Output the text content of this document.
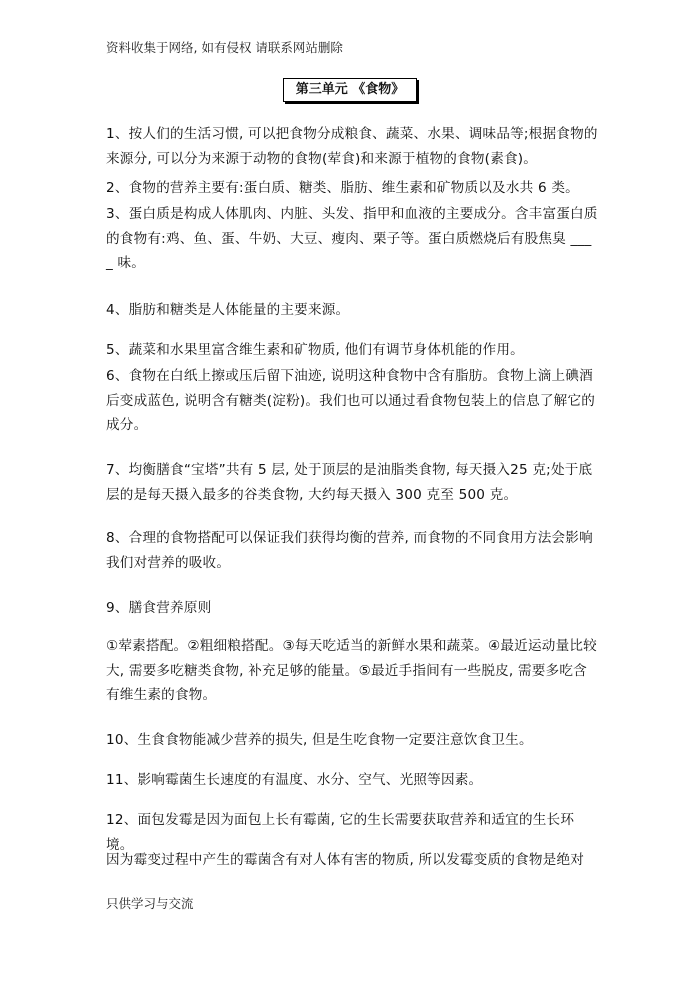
资料收集于网络, 如有侵权 请联系网站删除
第三单元 《食物》
1、按人们的生活习惯, 可以把食物分成粮食、蔬菜、水果、调味品等;根据食物的来源分, 可以分为来源于动物的食物(荤食)和来源于植物的食物(素食)。
2、食物的营养主要有:蛋白质、糖类、脂肪、维生素和矿物质以及水共 6 类。
3、蛋白质是构成人体肌肉、内脏、头发、指甲和血液的主要成分。含丰富蛋白质的食物有:鸡、鱼、蛋、牛奶、大豆、瘦肉、栗子等。蛋白质燃烧后有股焦臭 ____ 味。
4、脂肪和糖类是人体能量的主要来源。
5、蔬菜和水果里富含维生素和矿物质, 他们有调节身体机能的作用。
6、食物在白纸上擦或压后留下油迹, 说明这种食物中含有脂肪。食物上滴上碘酒后变成蓝色, 说明含有糖类(淀粉)。我们也可以通过看食物包装上的信息了解它的成分。
7、均衡膳食“宝塔”共有 5 层, 处于顶层的是油脂类食物, 每天摄入25 克;处于底层的是每天摄入最多的谷类食物, 大约每天摄入 300 克至 500 克。
8、合理的食物搭配可以保证我们获得均衡的营养, 而食物的不同食用方法会影响我们对营养的吸收。
9、膳食营养原则
①荤素搭配。②粗细粮搭配。③每天吃适当的新鲜水果和蔬菜。④最近运动量比较大, 需要多吃糖类食物, 补充足够的能量。⑤最近手指间有一些脱皮, 需要多吃含有维生素的食物。
10、生食食物能减少营养的损失, 但是生吃食物一定要注意饮食卫生。
11、影响霉菌生长速度的有温度、水分、空气、光照等因素。
12、面包发霉是因为面包上长有霉菌, 它的生长需要获取营养和适宜的生长环境。
因为霉变过程中产生的霉菌含有对人体有害的物质, 所以发霉变质的食物是绝对
只供学习与交流
